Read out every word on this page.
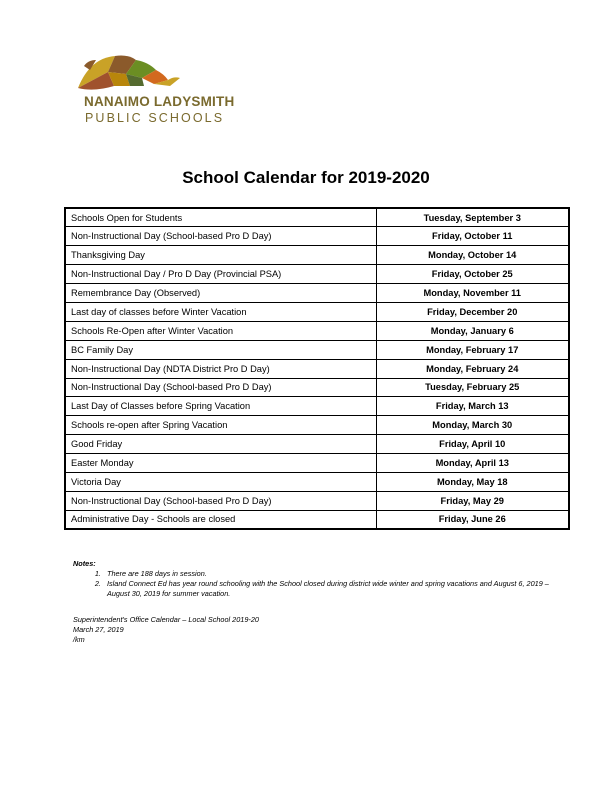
NANAIMO LADYSMITH
PUBLIC SCHOOLS
School Calendar for 2019-2020
Schools Open for Students	Tuesday, September 3
Non-Instructional Day (School-based Pro D Day)	Friday, October 11
Thanksgiving Day	Monday, October 14
Non-Instructional Day / Pro D Day (Provincial PSA)	Friday, October 25
Remembrance Day (Observed)	Monday, November 11
Last day of classes before Winter Vacation	Friday, December 20
Schools Re-Open after Winter Vacation	Monday, January 6
BC Family Day	Monday, February 17
Non-Instructional Day (NDTA District Pro D Day)	Monday, February 24
Non-Instructional Day (School-based Pro D Day)	Tuesday, February 25
Last Day of Classes before Spring Vacation	Friday, March 13
Schools re-open after Spring Vacation	Monday, March 30
Good Friday	Friday, April 10
Easter Monday	Monday, April 13
Victoria Day	Monday, May 18
Non-Instructional Day (School-based Pro D Day)	Friday, May 29
Administrative Day - Schools are closed	Friday, June 26
Notes:
1. There are 188 days in session.
2. Island Connect Ed has year round schooling with the School closed during district wide winter and spring vacations and August 6, 2019 – August 30, 2019 for summer vacation.
Superintendent's Office Calendar – Local School 2019-20
March 27, 2019
/km
